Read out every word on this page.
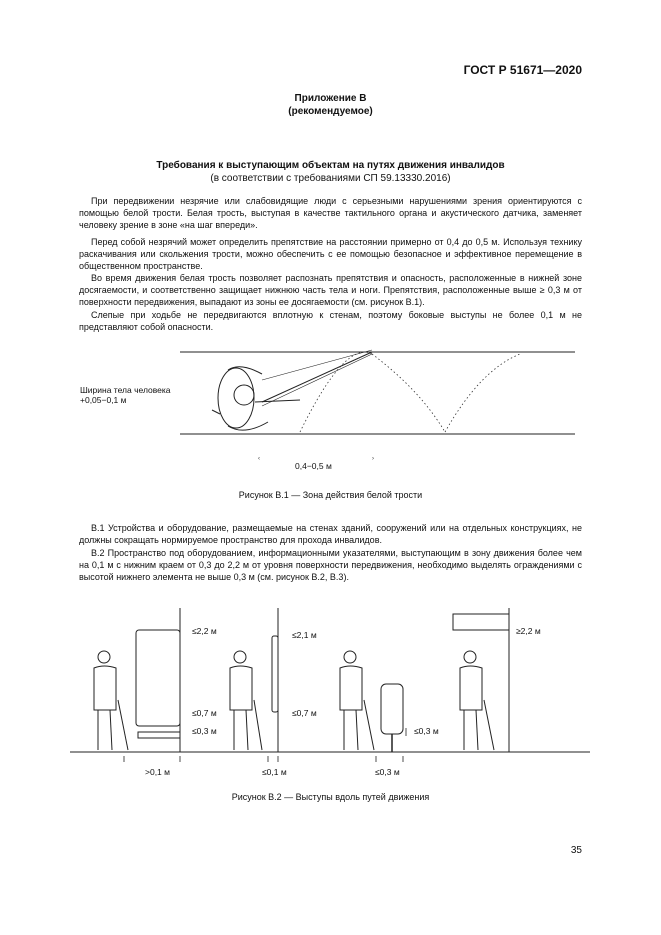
ГОСТ Р 51671—2020
Приложение В
(рекомендуемое)
Требования к выступающим объектам на путях движения инвалидов
(в соответствии с требованиями СП 59.13330.2016)

При передвижении незрячие или слабовидящие люди с серьезными нарушениями зрения ориентируются с помощью белой трости. Белая трость, выступая в качестве тактильного органа и акустического датчика, заменяет человеку зрение в зоне «на шаг впереди».

Перед собой незрячий может определить препятствие на расстоянии примерно от 0,4 до 0,5 м. Используя технику раскачивания или скольжения трости, можно обеспечить с ее помощью безопасное и эффективное перемещение в общественном пространстве.

Во время движения белая трость позволяет распознать препятствия и опасность, расположенные в нижней зоне досягаемости, и соответственно защищает нижнюю часть тела и ноги. Препятствия, расположенные выше ≥ 0,3 м от поверхности передвижения, выпадают из зоны ее досягаемости (см. рисунок В.1).

Слепые при ходьбе не передвигаются вплотную к стенам, поэтому боковые выступы не более 0,1 м не представляют собой опасности.

‹	›
Ширина тела человека
+0,05−0,1 м
0,4−0,5 м
Рисунок В.1 — Зона действия белой трости

В.1 Устройства и оборудование, размещаемые на стенах зданий, сооружений или на отдельных конструкциях, не должны сокращать нормируемое пространство для прохода инвалидов.

В.2 Пространство под оборудованием, информационными указателями, выступающим в зону движения более чем на 0,1 м с нижним краем от 0,3 до 2,2 м от уровня поверхности передвижения, необходимо выделять ограждениями с высотой нижнего элемента не выше 0,3 м (см. рисунок В.2, В.3).

≤2,2 м
≤0,7 м
≤0,3 м
>0,1 м
≤2,1 м
≤0,7 м
≤0,1 м
≤0,3 м
≤0,3 м
≥2,2 м
Рисунок В.2 — Выступы вдоль путей движения
35
